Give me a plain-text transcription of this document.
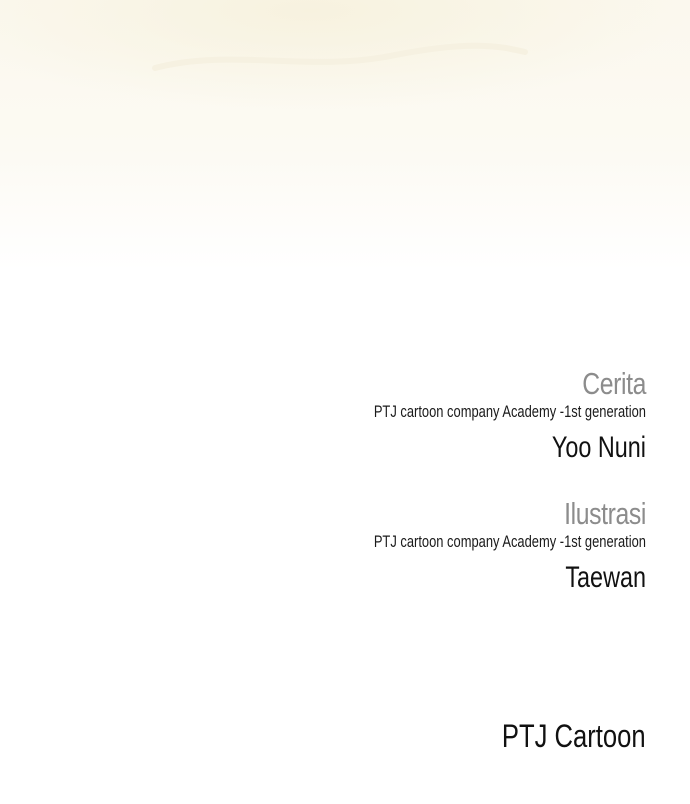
Cerita
PTJ cartoon company Academy -1st generation
Yoo Nuni
Ilustrasi
PTJ cartoon company Academy -1st generation
Taewan
PTJ Cartoon
